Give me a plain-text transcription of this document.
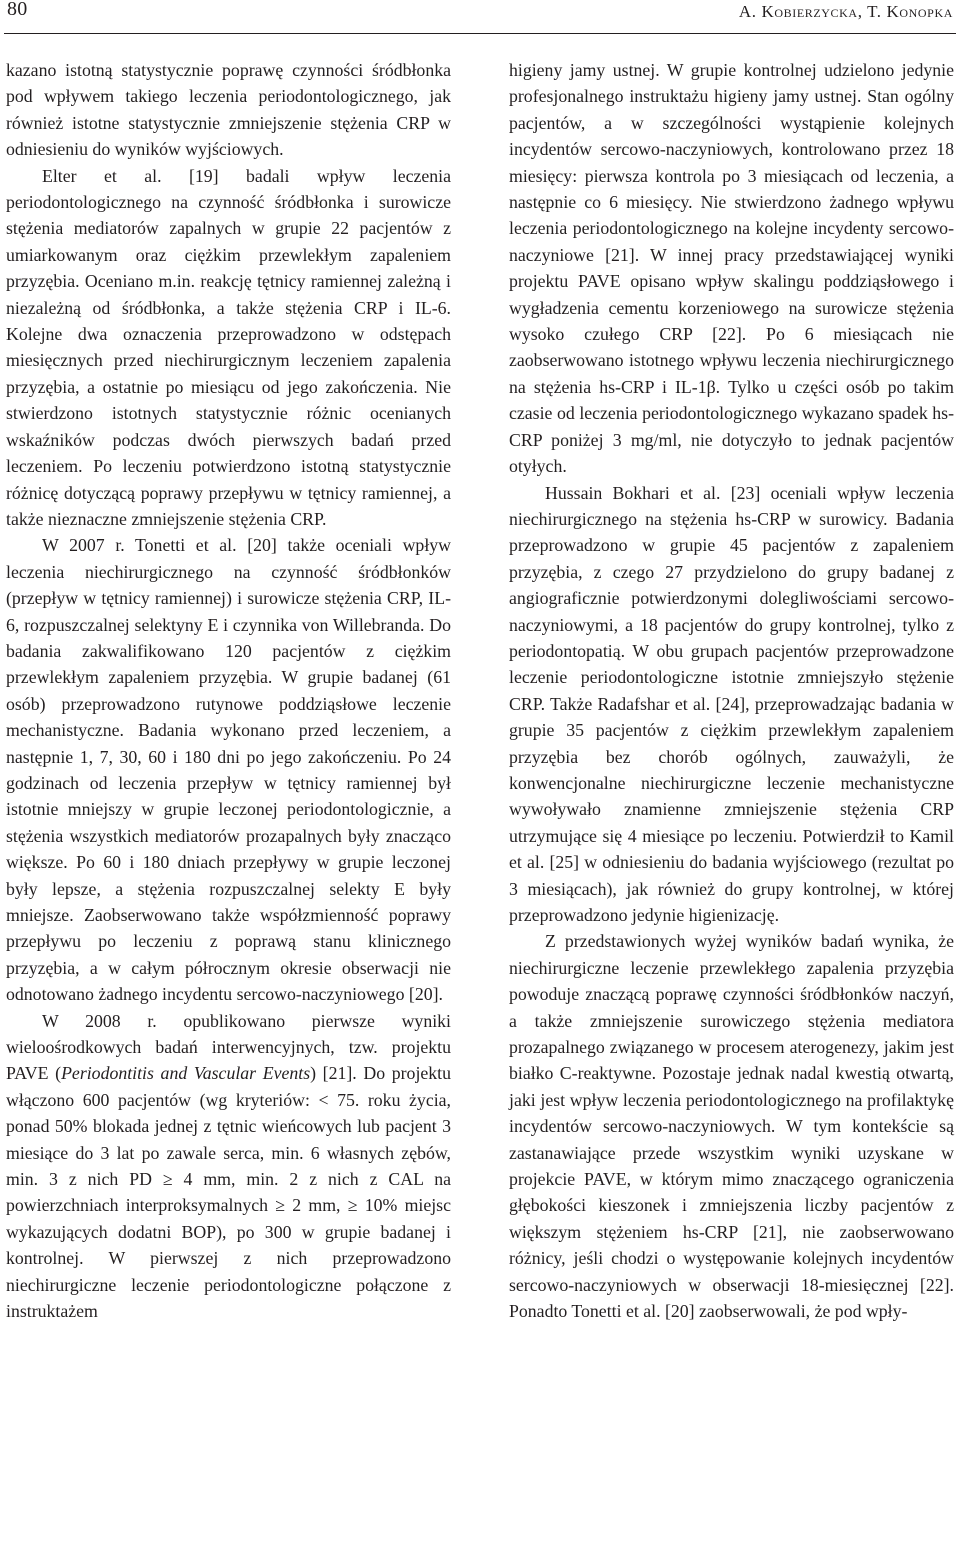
80	A. Kobierzycka, T. Konopka

kazano istotną statystycznie poprawę czynności śródbłonka pod wpływem takiego leczenia periodontologicznego, jak również istotne statystycznie zmniejszenie stężenia CRP w odniesieniu do wyników wyjściowych.

Elter et al. [19] badali wpływ leczenia periodontologicznego na czynność śródbłonka i surowicze stężenia mediatorów zapalnych w grupie 22 pacjentów z umiarkowanym oraz ciężkim przewlekłym zapaleniem przyzębia. Oceniano m.in. reakcję tętnicy ramiennej zależną i niezależną od śródbłonka, a także stężenia CRP i IL-6. Kolejne dwa oznaczenia przeprowadzono w odstępach miesięcznych przed niechirurgicznym leczeniem zapalenia przyzębia, a ostatnie po miesiącu od jego zakończenia. Nie stwierdzono istotnych statystycznie różnic ocenianych wskaźników podczas dwóch pierwszych badań przed leczeniem. Po leczeniu potwierdzono istotną statystycznie różnicę dotyczącą poprawy przepływu w tętnicy ramiennej, a także nieznaczne zmniejszenie stężenia CRP.

W 2007 r. Tonetti et al. [20] także oceniali wpływ leczenia niechirurgicznego na czynność śródbłonków (przepływ w tętnicy ramiennej) i surowicze stężenia CRP, IL-6, rozpuszczalnej selektyny E i czynnika von Willebranda. Do badania zakwalifikowano 120 pacjentów z ciężkim przewlekłym zapaleniem przyzębia. W grupie badanej (61 osób) przeprowadzono rutynowe poddziąsłowe leczenie mechanistyczne. Badania wykonano przed leczeniem, a następnie 1, 7, 30, 60 i 180 dni po jego zakończeniu. Po 24 godzinach od leczenia przepływ w tętnicy ramiennej był istotnie mniejszy w grupie leczonej periodontologicznie, a stężenia wszystkich mediatorów prozapalnych były znacząco większe. Po 60 i 180 dniach przepływy w grupie leczonej były lepsze, a stężenia rozpuszczalnej selekty E były mniejsze. Zaobserwowano także współzmienność poprawy przepływu po leczeniu z poprawą stanu klinicznego przyzębia, a w całym półrocznym okresie obserwacji nie odnotowano żadnego incydentu sercowo-naczyniowego [20].

W 2008 r. opublikowano pierwsze wyniki wieloośrodkowych badań interwencyjnych, tzw. projektu PAVE (Periodontitis and Vascular Events) [21]. Do projektu włączono 600 pacjentów (wg kryteriów: < 75. roku życia, ponad 50% blokada jednej z tętnic wieńcowych lub pacjent 3 miesiące do 3 lat po zawale serca, min. 6 własnych zębów, min. 3 z nich PD ≥ 4 mm, min. 2 z nich z CAL na powierzchniach interproksymalnych ≥ 2 mm, ≥ 10% miejsc wykazujących dodatni BOP), po 300 w grupie badanej i kontrolnej. W pierwszej z nich przeprowadzono niechirurgiczne leczenie periodontologiczne połączone z instruktażem

higieny jamy ustnej. W grupie kontrolnej udzielono jedynie profesjonalnego instruktażu higieny jamy ustnej. Stan ogólny pacjentów, a w szczególności wystąpienie kolejnych incydentów sercowo-naczyniowych, kontrolowano przez 18 miesięcy: pierwsza kontrola po 3 miesiącach od leczenia, a następnie co 6 miesięcy. Nie stwierdzono żadnego wpływu leczenia periodontologicznego na kolejne incydenty sercowo-naczyniowe [21]. W innej pracy przedstawiającej wyniki projektu PAVE opisano wpływ skalingu poddziąsłowego i wygładzenia cementu korzeniowego na surowicze stężenia wysoko czułego CRP [22]. Po 6 miesiącach nie zaobserwowano istotnego wpływu leczenia niechirurgicznego na stężenia hs-CRP i IL-1β. Tylko u części osób po takim czasie od leczenia periodontologicznego wykazano spadek hs-CRP poniżej 3 mg/ml, nie dotyczyło to jednak pacjentów otyłych.

Hussain Bokhari et al. [23] oceniali wpływ leczenia niechirurgicznego na stężenia hs-CRP w surowicy. Badania przeprowadzono w grupie 45 pacjentów z zapaleniem przyzębia, z czego 27 przydzielono do grupy badanej z angiograficznie potwierdzonymi dolegliwościami sercowo-naczyniowymi, a 18 pacjentów do grupy kontrolnej, tylko z periodontopatią. W obu grupach pacjentów przeprowadzone leczenie periodontologiczne istotnie zmniejszyło stężenie CRP. Także Radafshar et al. [24], przeprowadzając badania w grupie 35 pacjentów z ciężkim przewlekłym zapaleniem przyzębia bez chorób ogólnych, zauważyli, że konwencjonalne niechirurgiczne leczenie mechanistyczne wywoływało znamienne zmniejszenie stężenia CRP utrzymujące się 4 miesiące po leczeniu. Potwierdził to Kamil et al. [25] w odniesieniu do badania wyjściowego (rezultat po 3 miesiącach), jak również do grupy kontrolnej, w której przeprowadzono jedynie higienizację.

Z przedstawionych wyżej wyników badań wynika, że niechirurgiczne leczenie przewlekłego zapalenia przyzębia powoduje znaczącą poprawę czynności śródbłonków naczyń, a także zmniejszenie surowiczego stężenia mediatora prozapalnego związanego w procesem aterogenezy, jakim jest białko C-reaktywne. Pozostaje jednak nadal kwestią otwartą, jaki jest wpływ leczenia periodontologicznego na profilaktykę incydentów sercowo-naczyniowych. W tym kontekście są zastanawiające przede wszystkim wyniki uzyskane w projekcie PAVE, w którym mimo znaczącego ograniczenia głębokości kieszonek i zmniejszenia liczby pacjentów z większym stężeniem hs-CRP [21], nie zaobserwowano różnicy, jeśli chodzi o występowanie kolejnych incydentów sercowo-naczyniowych w obserwacji 18-miesięcznej [22]. Ponadto Tonetti et al. [20] zaobserwowali, że pod wpły-
